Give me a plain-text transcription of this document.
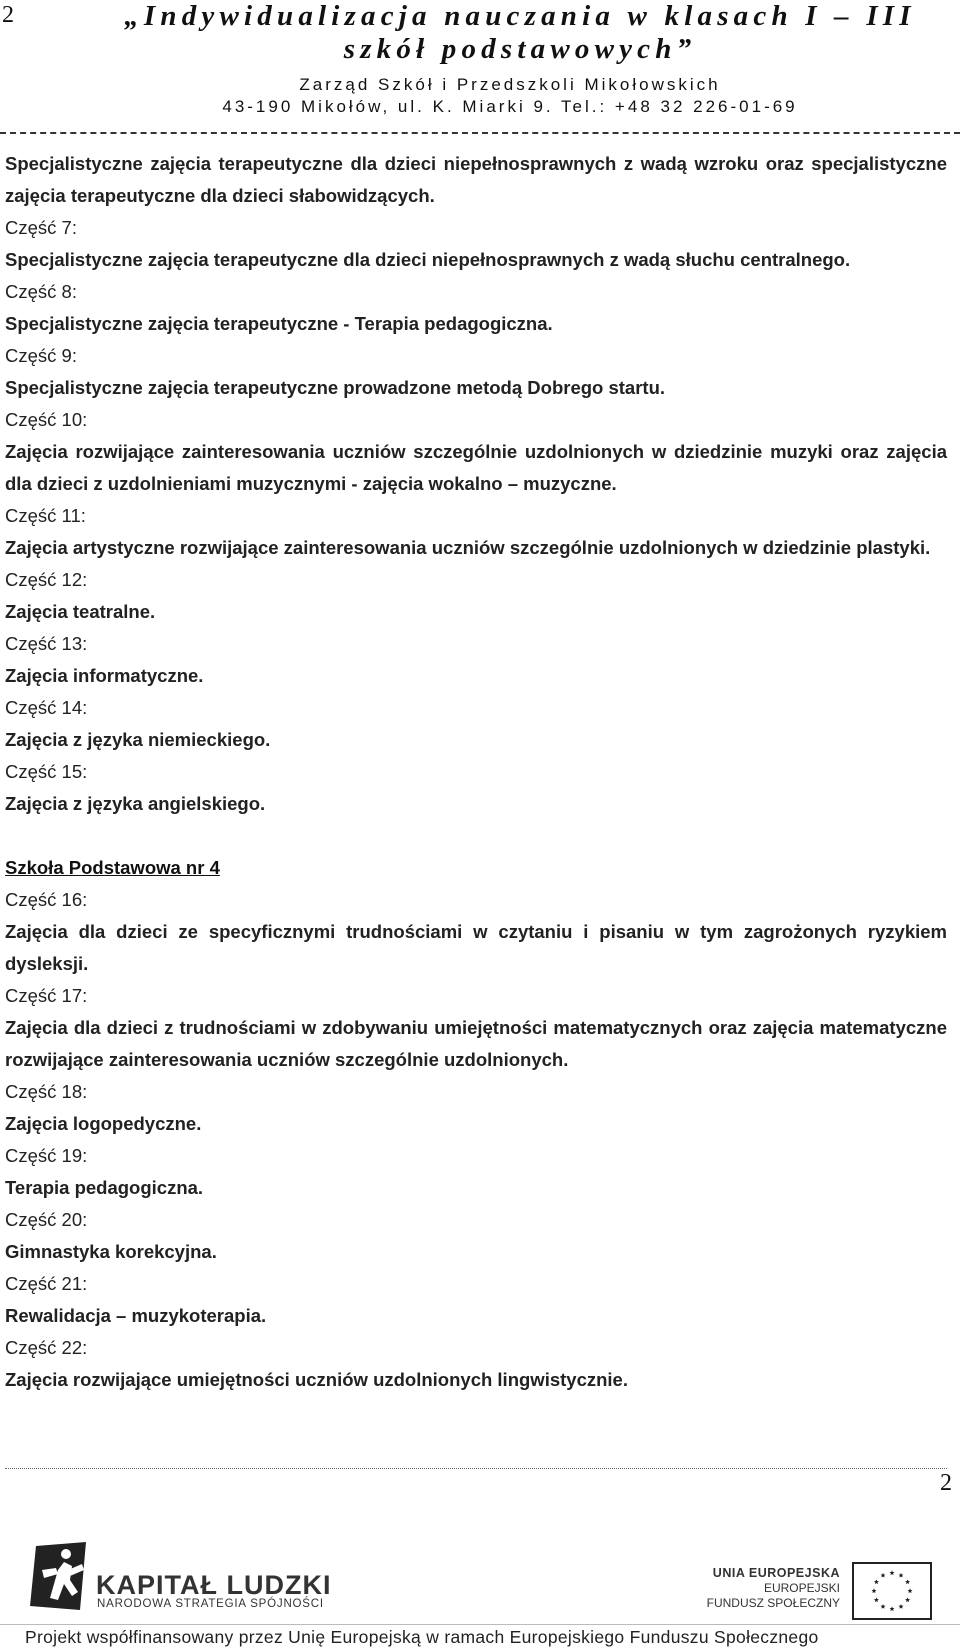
2	„Indywidualizacja nauczania w klasach I – III
szkół podstawowych”
Zarząd Szkół i Przedszkoli Mikołowskich
43-190 Mikołów, ul. K. Miarki 9. Tel.: +48 32 226-01-69

Specjalistyczne zajęcia terapeutyczne dla dzieci niepełnosprawnych z wadą wzroku oraz specjalistyczne zajęcia terapeutyczne dla dzieci słabowidzących.

Część 7:

Specjalistyczne zajęcia terapeutyczne dla dzieci niepełnosprawnych z wadą słuchu centralnego.

Część 8:

Specjalistyczne zajęcia terapeutyczne - Terapia pedagogiczna.

Część 9:

Specjalistyczne zajęcia terapeutyczne prowadzone metodą Dobrego startu.

Część 10:

Zajęcia rozwijające zainteresowania uczniów szczególnie uzdolnionych w dziedzinie muzyki oraz zajęcia dla dzieci z uzdolnieniami muzycznymi - zajęcia wokalno – muzyczne.

Część 11:

Zajęcia artystyczne rozwijające zainteresowania uczniów szczególnie uzdolnionych w dziedzinie plastyki.

Część 12:

Zajęcia teatralne.

Część 13:

Zajęcia informatyczne.

Część 14:

Zajęcia z języka niemieckiego.

Część 15:

Zajęcia z języka angielskiego.

Szkoła Podstawowa nr 4

Część 16:

Zajęcia dla dzieci ze specyficznymi trudnościami w czytaniu i pisaniu w tym zagrożonych ryzykiem dysleksji.

Część 17:

Zajęcia dla dzieci z trudnościami w zdobywaniu umiejętności matematycznych oraz zajęcia matematyczne rozwijające zainteresowania uczniów szczególnie uzdolnionych.

Część 18:

Zajęcia logopedyczne.

Część 19:

Terapia pedagogiczna.

Część 20:

Gimnastyka korekcyjna.

Część 21:

Rewalidacja – muzykoterapia.

Część 22:

Zajęcia rozwijające umiejętności uczniów uzdolnionych lingwistycznie.

2
KAPITAŁ LUDZKI
NARODOWA STRATEGIA SPÓJNOŚCI
UNIA EUROPEJSKA
EUROPEJSKI
FUNDUSZ SPOŁECZNY
Projekt współfinansowany przez Unię Europejską w ramach Europejskiego Funduszu Społecznego
